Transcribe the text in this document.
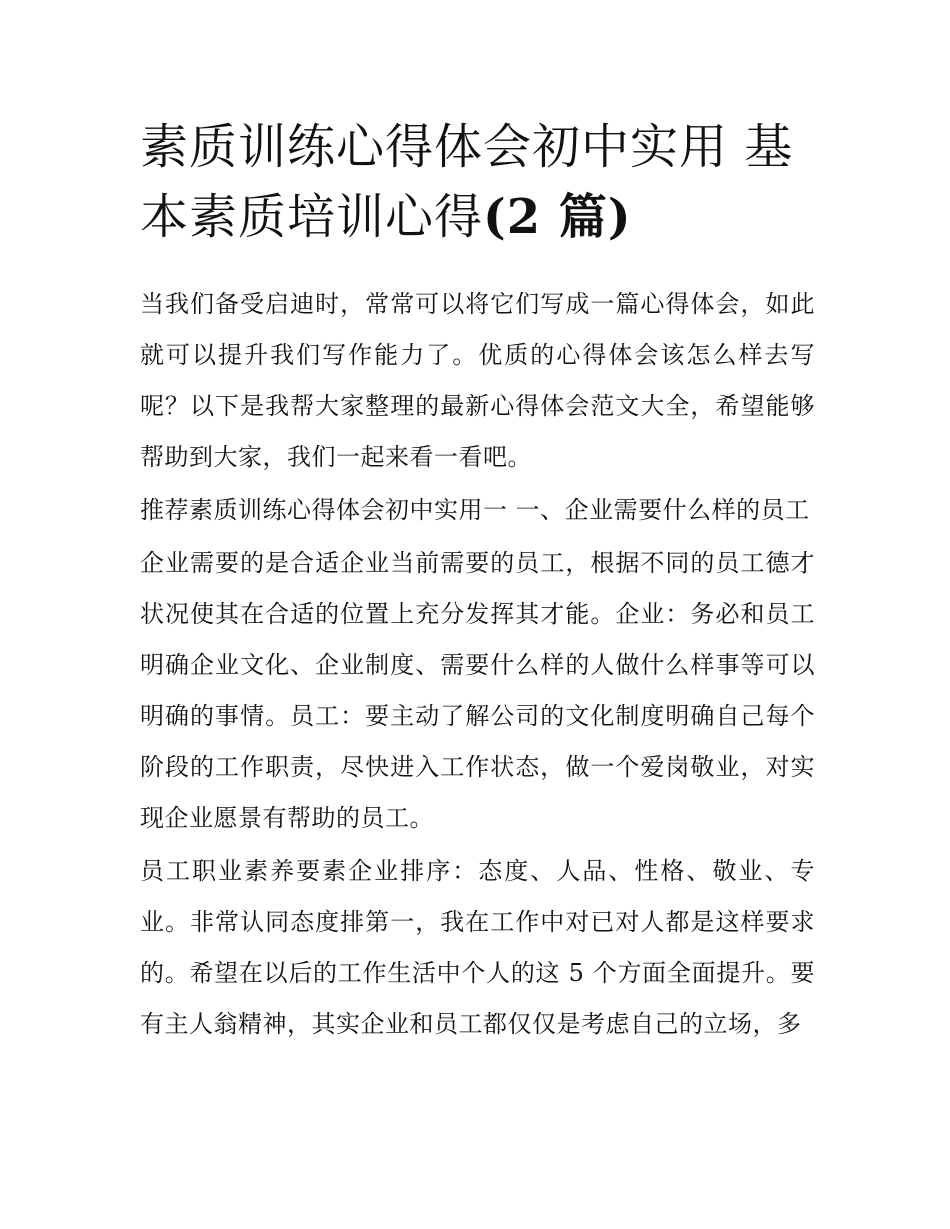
素质训练心得体会初中实用 基本素质培训心得(2 篇)

当我们备受启迪时，常常可以将它们写成一篇心得体会，如此就可以提升我们写作能力了。优质的心得体会该怎么样去写呢？以下是我帮大家整理的最新心得体会范文大全，希望能够帮助到大家，我们一起来看一看吧。

推荐素质训练心得体会初中实用一 一、企业需要什么样的员工

企业需要的是合适企业当前需要的员工，根据不同的员工德才状况使其在合适的位置上充分发挥其才能。企业：务必和员工明确企业文化、企业制度、需要什么样的人做什么样事等可以明确的事情。员工：要主动了解公司的文化制度明确自己每个阶段的工作职责，尽快进入工作状态，做一个爱岗敬业，对实现企业愿景有帮助的员工。

员工职业素养要素企业排序：态度、人品、性格、敬业、专业。非常认同态度排第一，我在工作中对已对人都是这样要求的。希望在以后的工作生活中个人的这 5 个方面全面提升。要有主人翁精神，其实企业和员工都仅仅是考虑自己的立场，多
